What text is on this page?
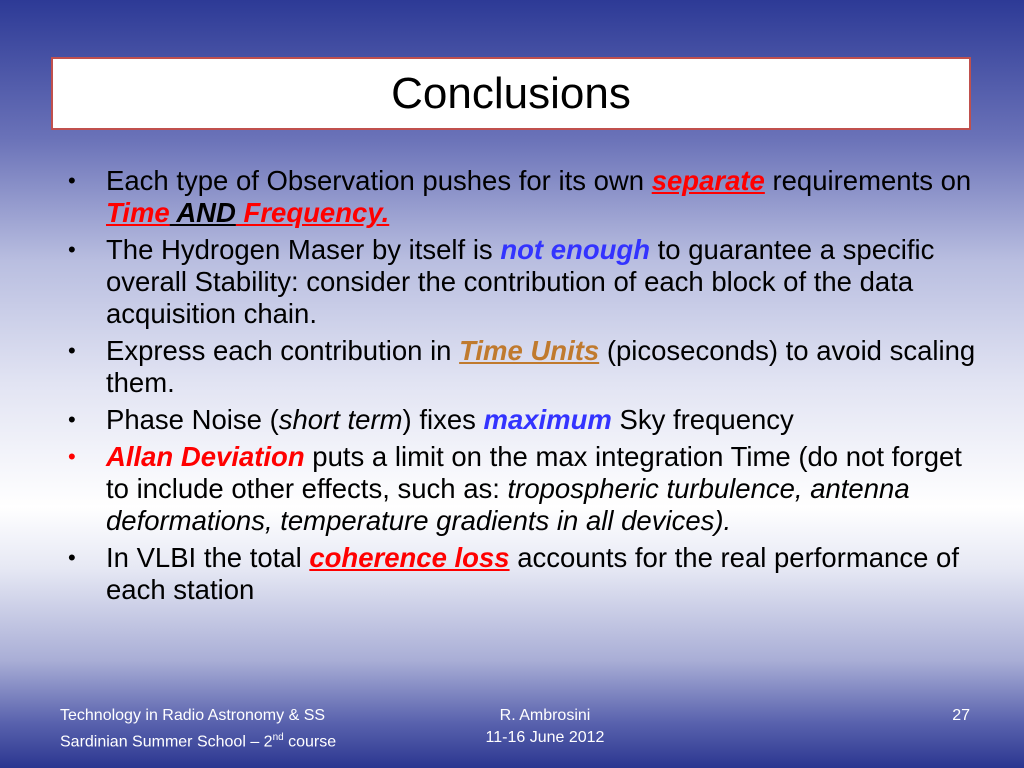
Conclusions
• Each type of Observation pushes for its own separate requirements on Time AND Frequency.
• The Hydrogen Maser by itself is not enough to guarantee a specific overall Stability: consider the contribution of each block of the data acquisition chain.
• Express each contribution in Time Units (picoseconds) to avoid scaling them.
• Phase Noise (short term) fixes maximum Sky frequency
• Allan Deviation puts a limit on the max integration Time (do not forget to include other effects, such as: tropospheric turbulence, antenna deformations, temperature gradients in all devices).
• In VLBI the total coherence loss accounts for the real performance of each station
Technology in Radio Astronomy & SS
Sardinian Summer School – 2nd course
R. Ambrosini
11-16 June 2012
27
